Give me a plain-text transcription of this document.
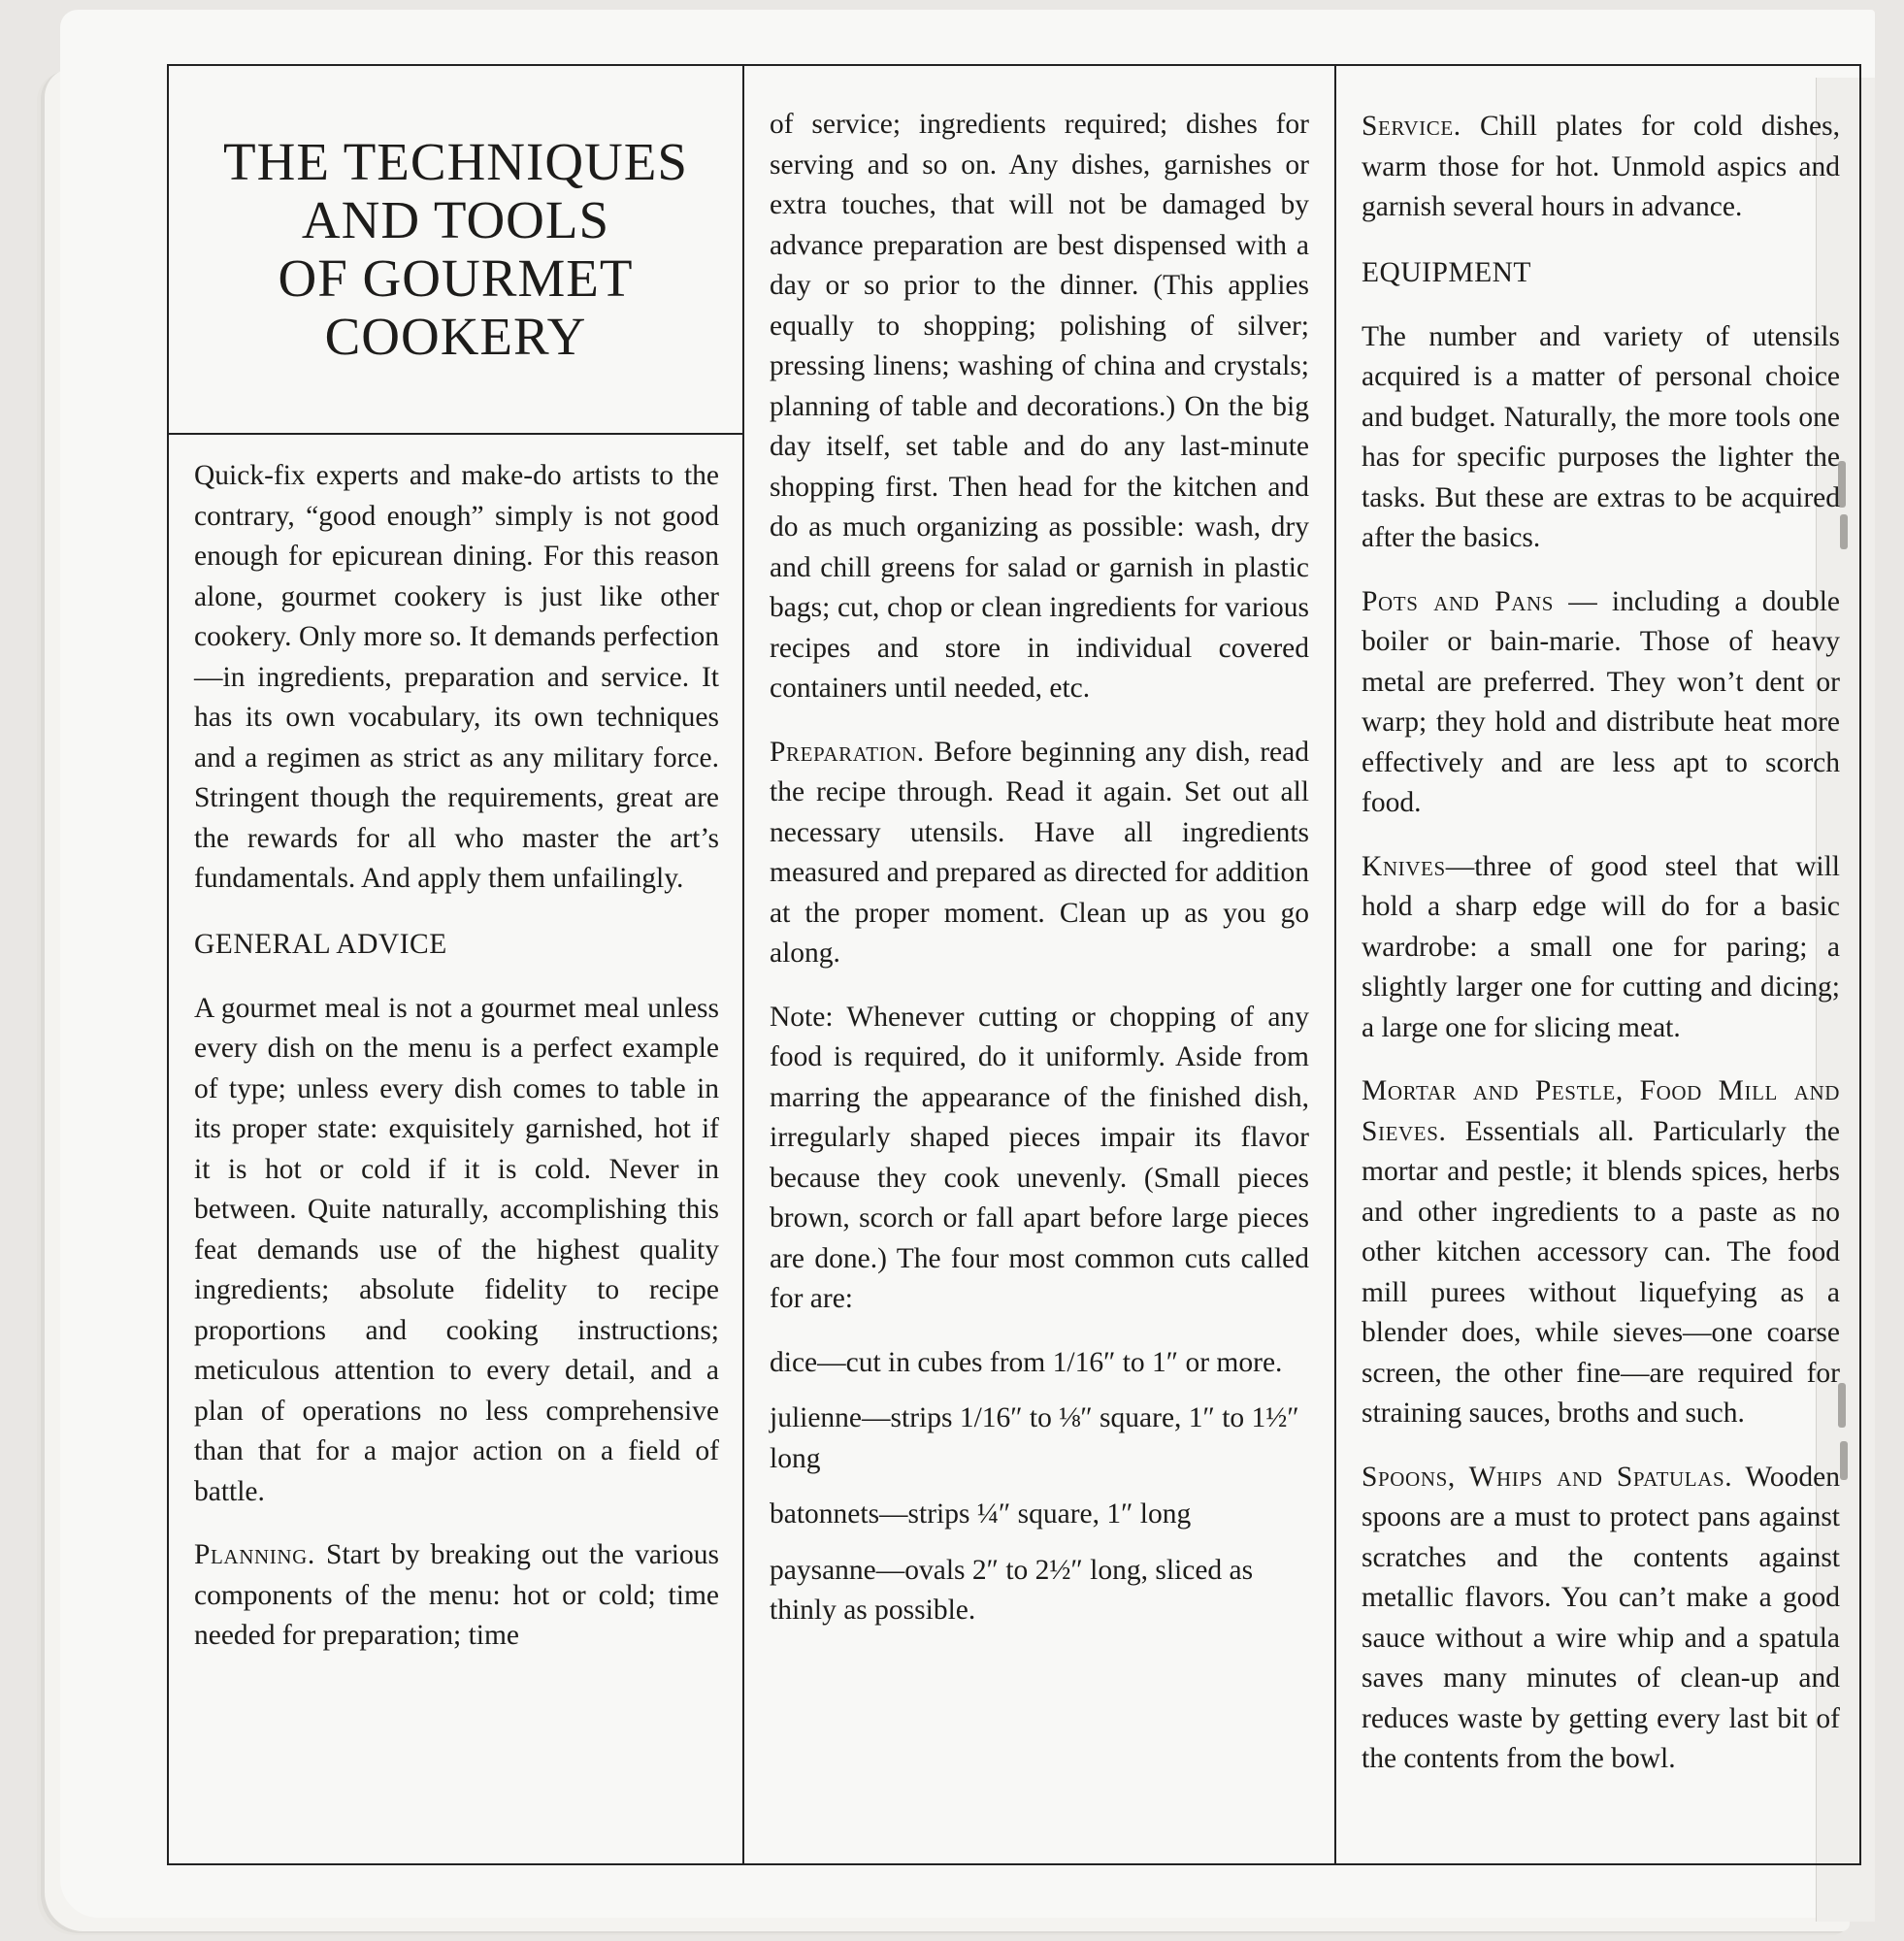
THE TECHNIQUES
AND TOOLS
OF GOURMET
COOKERY

Quick-fix experts and make-do artists to the contrary, “good enough” simply is not good enough for epicurean dining. For this reason alone, gourmet cookery is just like other cookery. Only more so. It demands perfection—in ingredients, preparation and service. It has its own vocabulary, its own techniques and a regimen as strict as any military force. Stringent though the requirements, great are the rewards for all who master the art’s fundamentals. And apply them unfailingly.

GENERAL ADVICE

A gourmet meal is not a gourmet meal unless every dish on the menu is a perfect example of type; unless every dish comes to table in its proper state: exquisitely garnished, hot if it is hot or cold if it is cold. Never in between. Quite naturally, accomplishing this feat demands use of the highest quality ingredients; absolute fidelity to recipe proportions and cooking instructions; meticulous attention to every detail, and a plan of operations no less comprehensive than that for a major action on a field of battle.

Planning. Start by breaking out the various components of the menu: hot or cold; time needed for preparation; time

of service; ingredients required; dishes for serving and so on. Any dishes, garnishes or extra touches, that will not be damaged by advance preparation are best dispensed with a day or so prior to the dinner. (This applies equally to shopping; polishing of silver; pressing linens; washing of china and crystals; planning of table and decorations.) On the big day itself, set table and do any last-minute shopping first. Then head for the kitchen and do as much organizing as possible: wash, dry and chill greens for salad or garnish in plastic bags; cut, chop or clean ingredients for various recipes and store in individual covered containers until needed, etc.

Preparation. Before beginning any dish, read the recipe through. Read it again. Set out all necessary utensils. Have all ingredients measured and prepared as directed for addition at the proper moment. Clean up as you go along.

Note: Whenever cutting or chopping of any food is required, do it uniformly. Aside from marring the appearance of the finished dish, irregularly shaped pieces impair its flavor because they cook unevenly. (Small pieces brown, scorch or fall apart before large pieces are done.) The four most common cuts called for are:

dice—cut in cubes from 1/16″ to 1″ or more.

julienne—strips 1/16″ to ⅛″ square, 1″ to 1½″ long

batonnets—strips ¼″ square, 1″ long

paysanne—ovals 2″ to 2½″ long, sliced as thinly as possible.

Service. Chill plates for cold dishes, warm those for hot. Unmold aspics and garnish several hours in advance.

EQUIPMENT

The number and variety of utensils acquired is a matter of personal choice and budget. Naturally, the more tools one has for specific purposes the lighter the tasks. But these are extras to be acquired after the basics.

Pots and Pans — including a double boiler or bain-marie. Those of heavy metal are preferred. They won’t dent or warp; they hold and distribute heat more effectively and are less apt to scorch food.

Knives—three of good steel that will hold a sharp edge will do for a basic wardrobe: a small one for paring; a slightly larger one for cutting and dicing; a large one for slicing meat.

Mortar and Pestle, Food Mill and Sieves. Essentials all. Particularly the mortar and pestle; it blends spices, herbs and other ingredients to a paste as no other kitchen accessory can. The food mill purees without liquefying as a blender does, while sieves—one coarse screen, the other fine—are required for straining sauces, broths and such.

Spoons, Whips and Spatulas. Wooden spoons are a must to protect pans against scratches and the contents against metallic flavors. You can’t make a good sauce without a wire whip and a spatula saves many minutes of clean-up and reduces waste by getting every last bit of the contents from the bowl.
